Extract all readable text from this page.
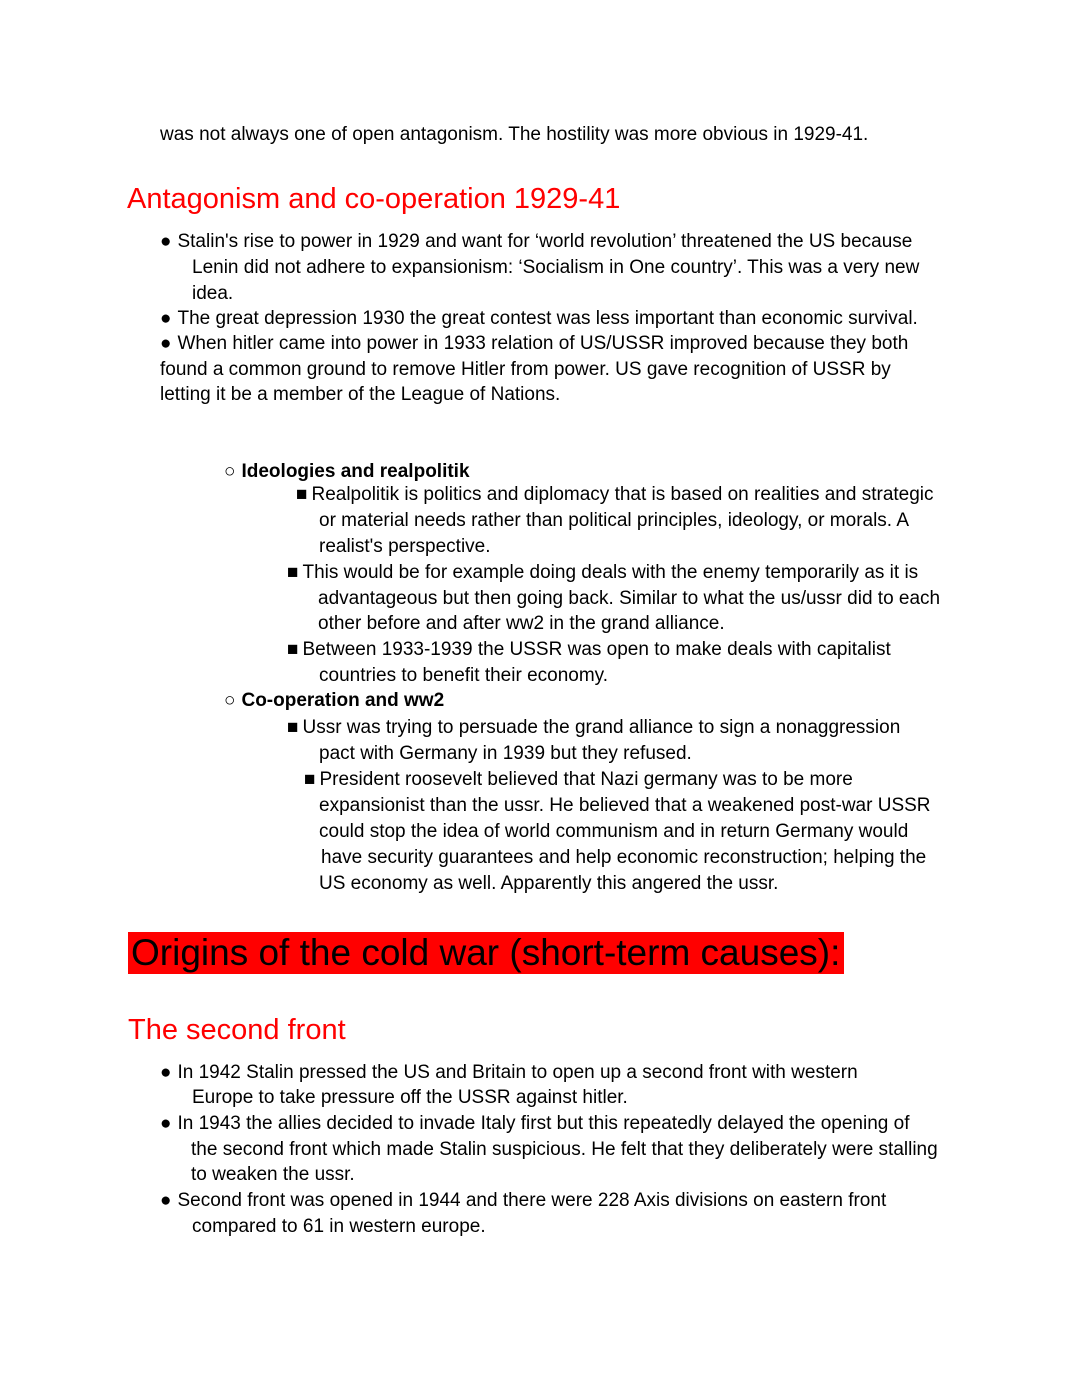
was not always one of open antagonism. The hostility was more obvious in 1929-41.
Antagonism and co-operation 1929-41
● Stalin's rise to power in 1929 and want for ‘world revolution’ threatened the US because
Lenin did not adhere to expansionism: ‘Socialism in One country’. This was a very new
idea.
● The great depression 1930 the great contest was less important than economic survival.
● When hitler came into power in 1933 relation of US/USSR improved because they both
found a common ground to remove Hitler from power. US gave recognition of USSR by
letting it be a member of the League of Nations.
○ Ideologies and realpolitik
■ Realpolitik is politics and diplomacy that is based on realities and strategic
or material needs rather than political principles, ideology, or morals. A
realist's perspective.
■ This would be for example doing deals with the enemy temporarily as it is
advantageous but then going back. Similar to what the us/ussr did to each
other before and after ww2 in the grand alliance.
■ Between 1933-1939 the USSR was open to make deals with capitalist
countries to benefit their economy.
○ Co-operation and ww2
■ Ussr was trying to persuade the grand alliance to sign a nonaggression
pact with Germany in 1939 but they refused.
■ President roosevelt believed that Nazi germany was to be more
expansionist than the ussr. He believed that a weakened post-war USSR
could stop the idea of world communism and in return Germany would
have security guarantees and help economic reconstruction; helping the
US economy as well. Apparently this angered the ussr.
Origins of the cold war (short-term causes):
The second front
● In 1942 Stalin pressed the US and Britain to open up a second front with western
Europe to take pressure off the USSR against hitler.
● In 1943 the allies decided to invade Italy first but this repeatedly delayed the opening of
the second front which made Stalin suspicious. He felt that they deliberately were stalling
to weaken the ussr.
● Second front was opened in 1944 and there were 228 Axis divisions on eastern front
compared to 61 in western europe.
